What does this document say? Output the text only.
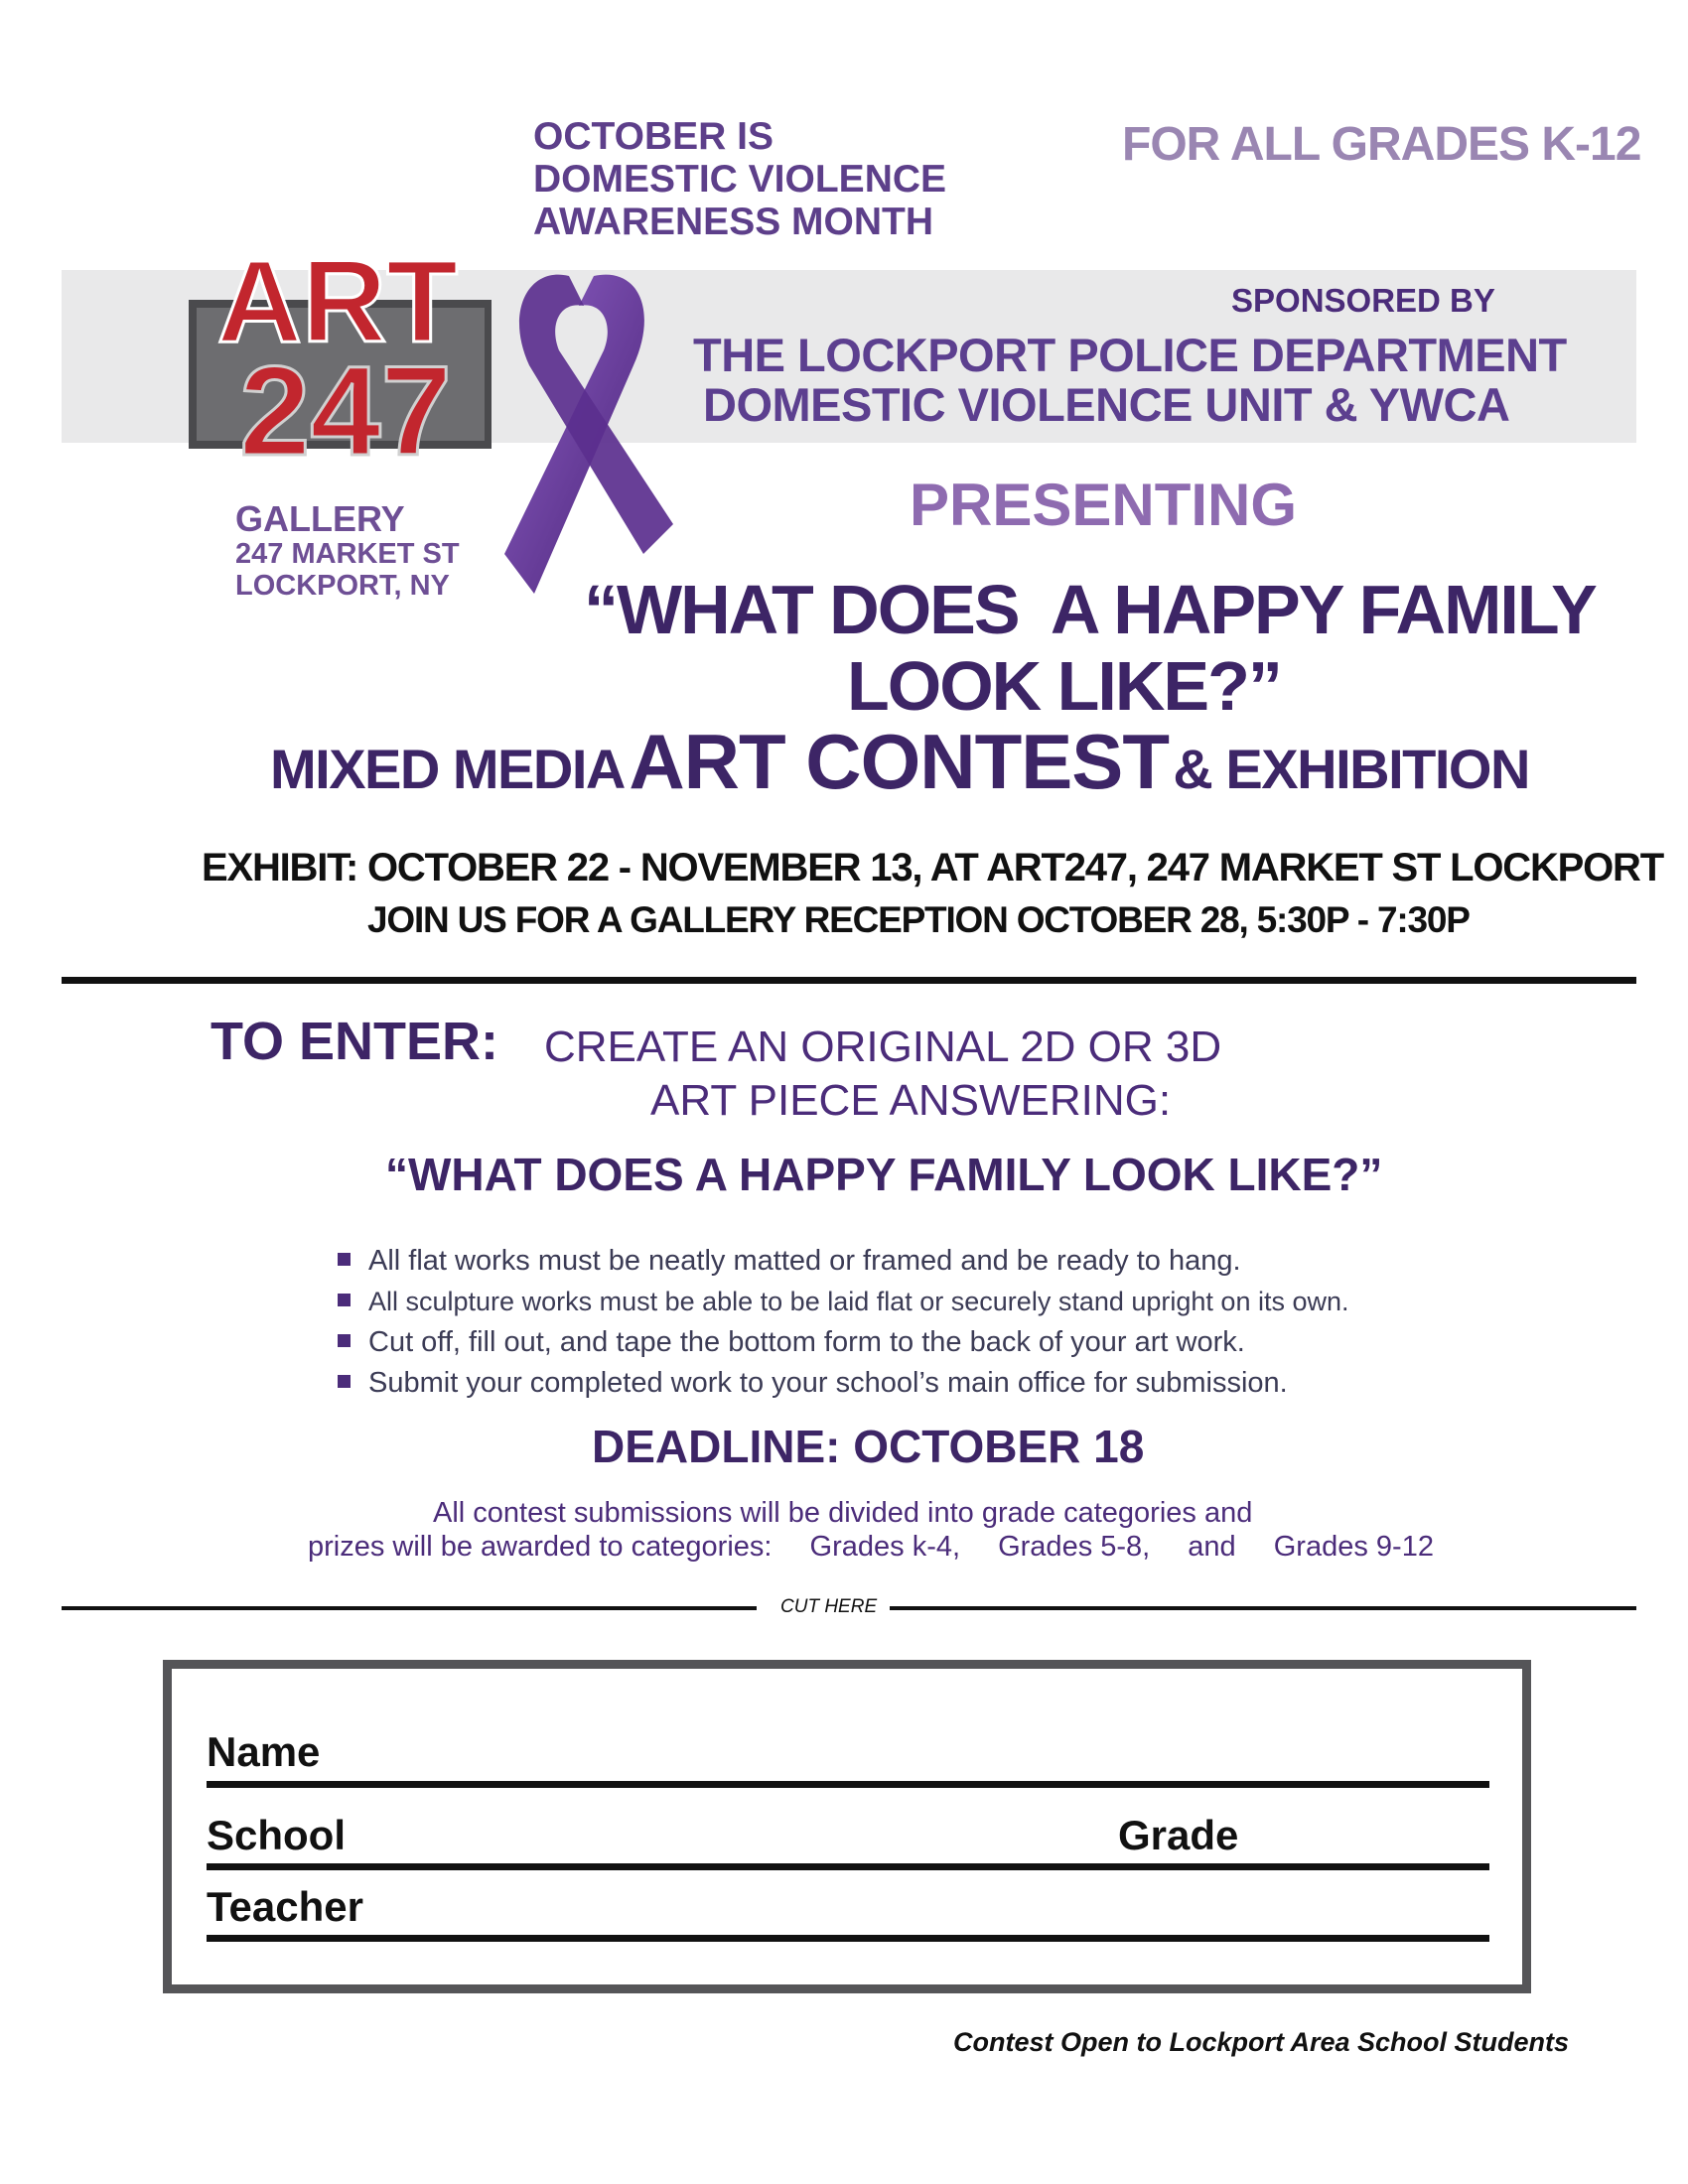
OCTOBER IS
DOMESTIC VIOLENCE
AWARENESS MONTH
FOR ALL GRADES K-12
ART
247
GALLERY
247 MARKET ST
LOCKPORT, NY
SPONSORED BY
THE LOCKPORT POLICE DEPARTMENT
DOMESTIC VIOLENCE UNIT & YWCA
PRESENTING
“WHAT DOES  A HAPPY FAMILY
LOOK LIKE?”
MIXED MEDIA ART CONTEST & EXHIBITION
EXHIBIT: OCTOBER 22 - NOVEMBER 13, AT ART247, 247 MARKET ST LOCKPORT
JOIN US FOR A GALLERY RECEPTION OCTOBER 28, 5:30P - 7:30P
TO ENTER: CREATE AN ORIGINAL 2D OR 3D
ART PIECE ANSWERING:
“WHAT DOES A HAPPY FAMILY LOOK LIKE?”
All flat works must be neatly matted or framed and be ready to hang.
All sculpture works must be able to be laid flat or securely stand upright on its own.
Cut off, fill out, and tape the bottom form to the back of your art work.
Submit your completed work to your school’s main office for submission.
DEADLINE: OCTOBER 18
All contest submissions will be divided into grade categories and
prizes will be awarded to categories: Grades k-4, Grades 5-8, and Grades 9-12
CUT HERE
Name
School	Grade
Teacher
Contest Open to Lockport Area School Students
